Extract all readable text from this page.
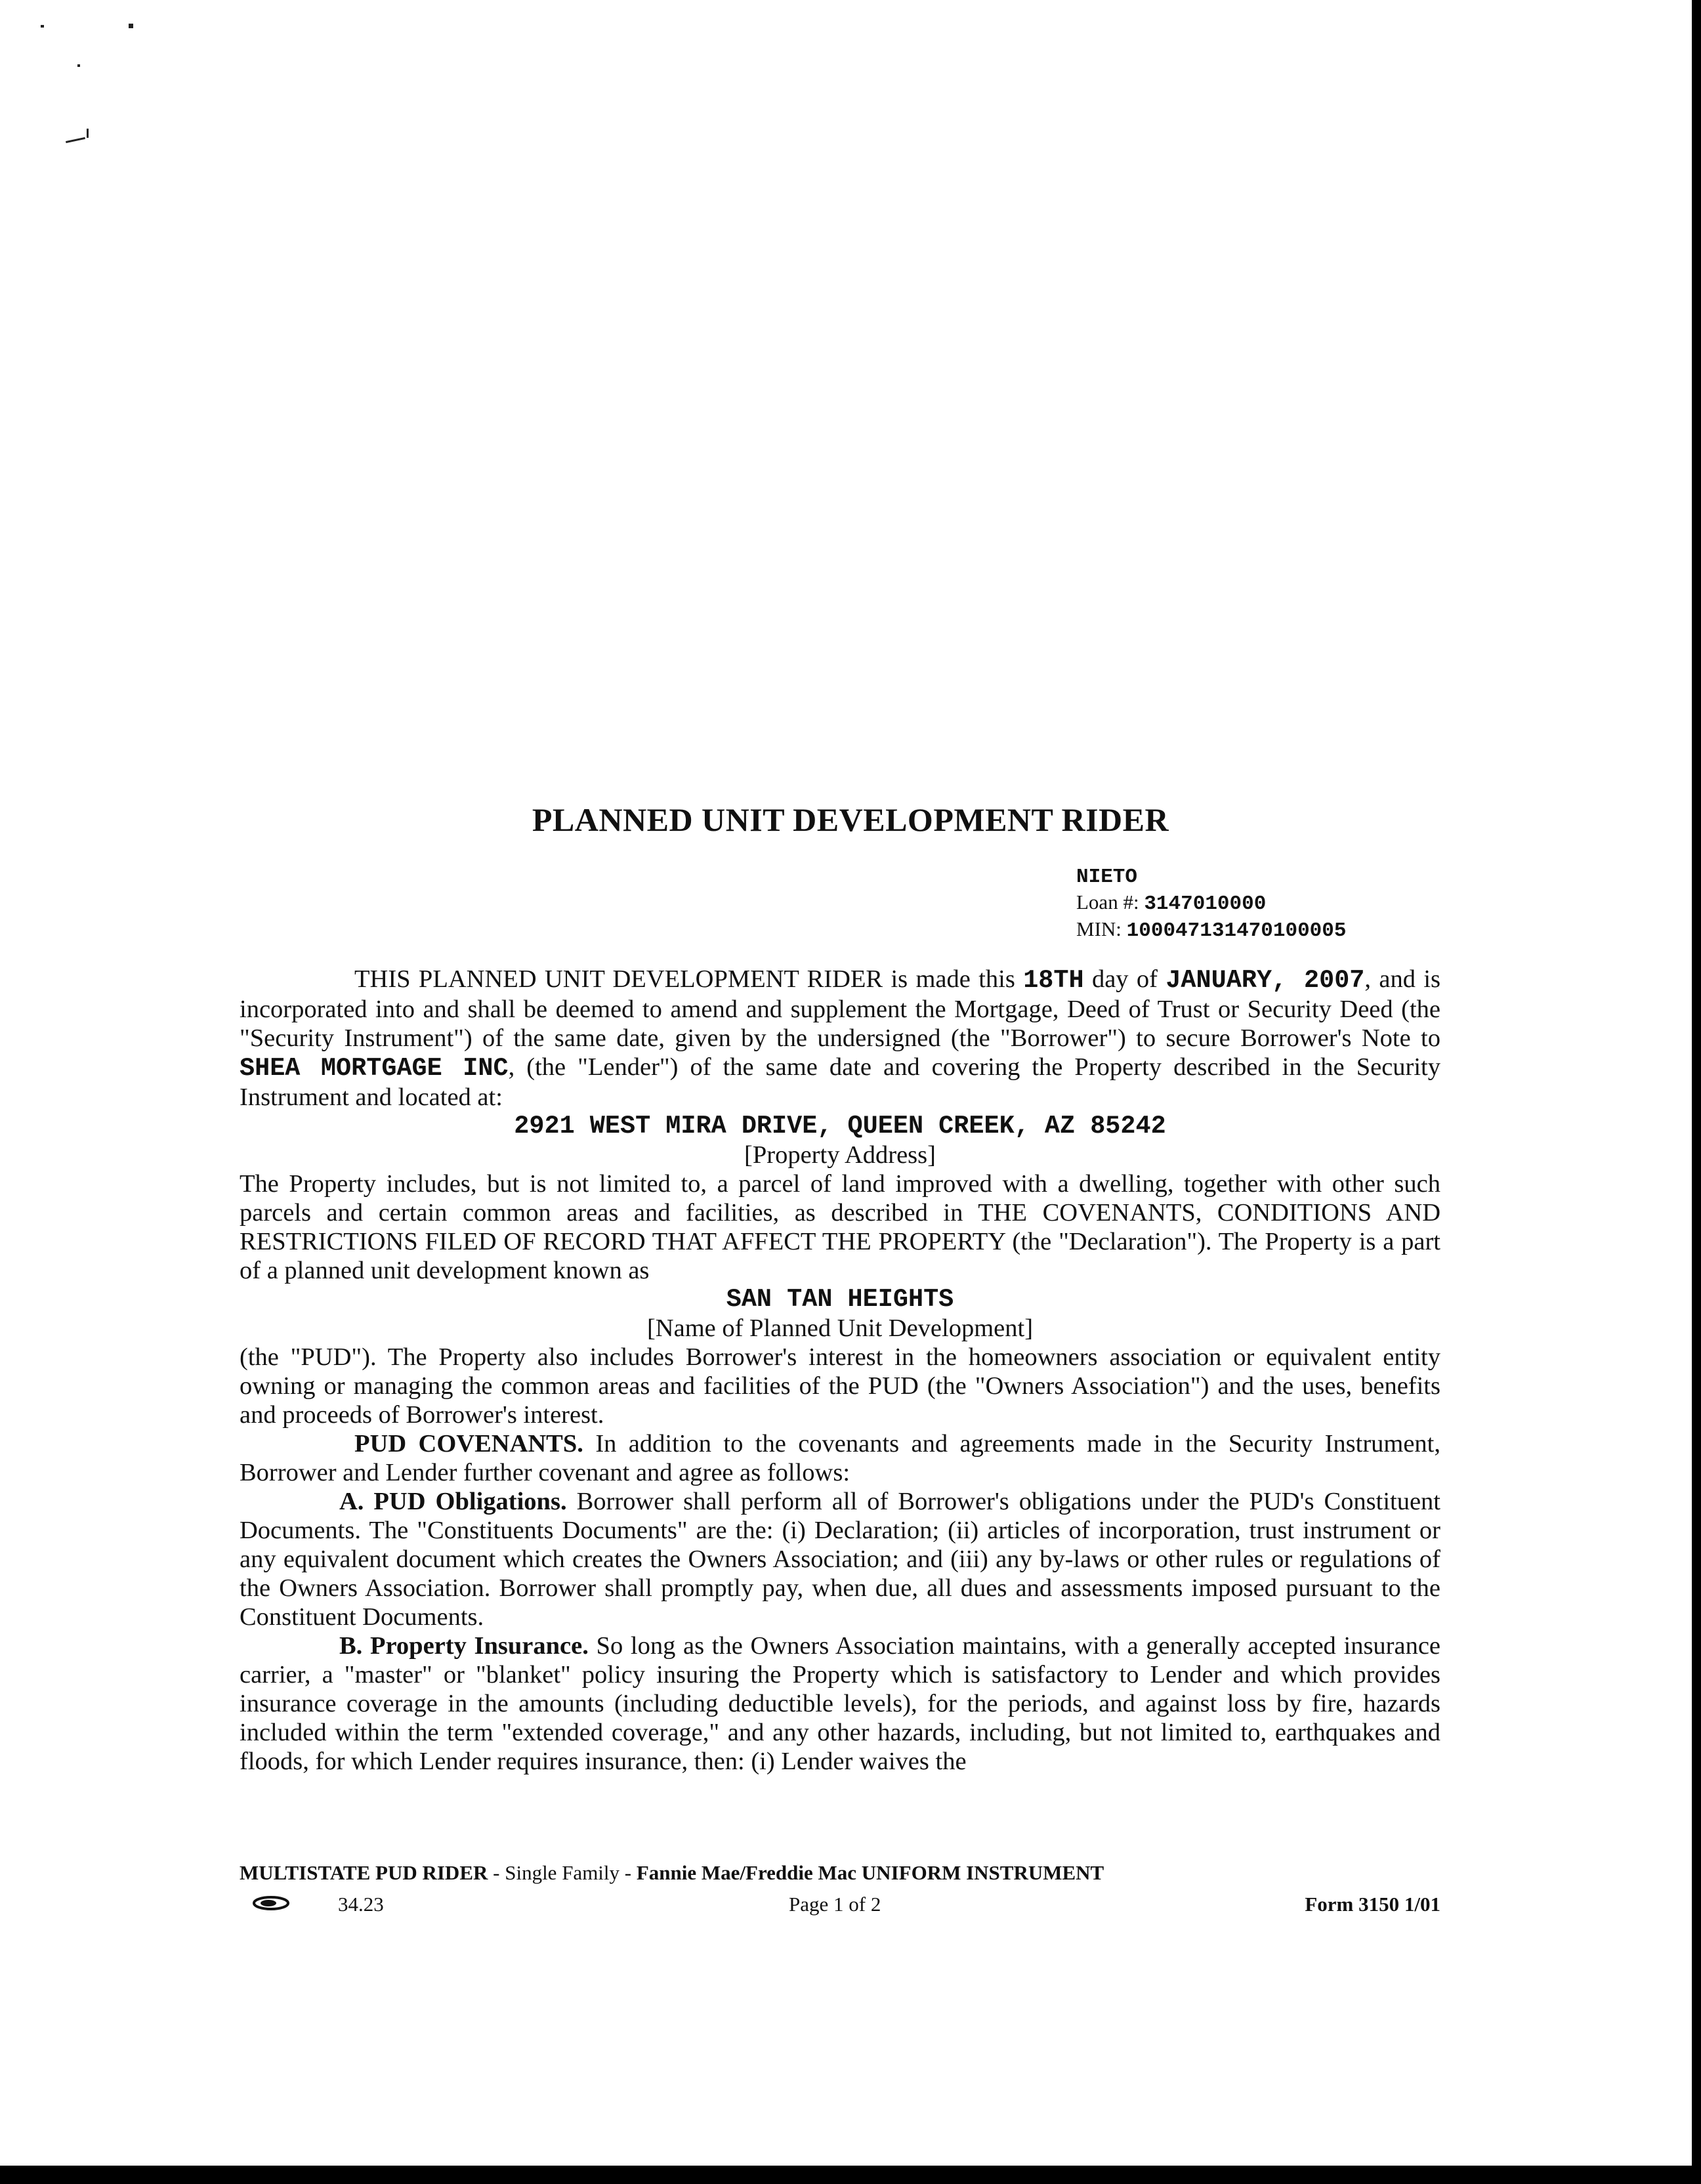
PLANNED UNIT DEVELOPMENT RIDER
NIETO
Loan #: 3147010000
MIN: 100047131470100005

THIS PLANNED UNIT DEVELOPMENT RIDER is made this 18TH day of JANUARY, 2007, and is incorporated into and shall be deemed to amend and supplement the Mortgage, Deed of Trust or Security Deed (the "Security Instrument") of the same date, given by the undersigned (the "Borrower") to secure Borrower's Note to SHEA MORTGAGE INC, (the "Lender") of the same date and covering the Property described in the Security Instrument and located at:

2921 WEST MIRA DRIVE, QUEEN CREEK, AZ 85242

[Property Address]

The Property includes, but is not limited to, a parcel of land improved with a dwelling, together with other such parcels and certain common areas and facilities, as described in THE COVENANTS, CONDITIONS AND RESTRICTIONS FILED OF RECORD THAT AFFECT THE PROPERTY (the "Declaration"). The Property is a part of a planned unit development known as

SAN TAN HEIGHTS

[Name of Planned Unit Development]

(the "PUD"). The Property also includes Borrower's interest in the homeowners association or equivalent entity owning or managing the common areas and facilities of the PUD (the "Owners Association") and the uses, benefits and proceeds of Borrower's interest.

PUD COVENANTS. In addition to the covenants and agreements made in the Security Instrument, Borrower and Lender further covenant and agree as follows:

A. PUD Obligations. Borrower shall perform all of Borrower's obligations under the PUD's Constituent Documents. The "Constituents Documents" are the: (i) Declaration; (ii) articles of incorporation, trust instrument or any equivalent document which creates the Owners Association; and (iii) any by-laws or other rules or regulations of the Owners Association. Borrower shall promptly pay, when due, all dues and assessments imposed pursuant to the Constituent Documents.

B. Property Insurance. So long as the Owners Association maintains, with a generally accepted insurance carrier, a "master" or "blanket" policy insuring the Property which is satisfactory to Lender and which provides insurance coverage in the amounts (including deductible levels), for the periods, and against loss by fire, hazards included within the term "extended coverage," and any other hazards, including, but not limited to, earthquakes and floods, for which Lender requires insurance, then: (i) Lender waives the

MULTISTATE PUD RIDER - Single Family - Fannie Mae/Freddie Mac UNIFORM INSTRUMENT
34.23	Page 1 of 2	Form 3150 1/01
